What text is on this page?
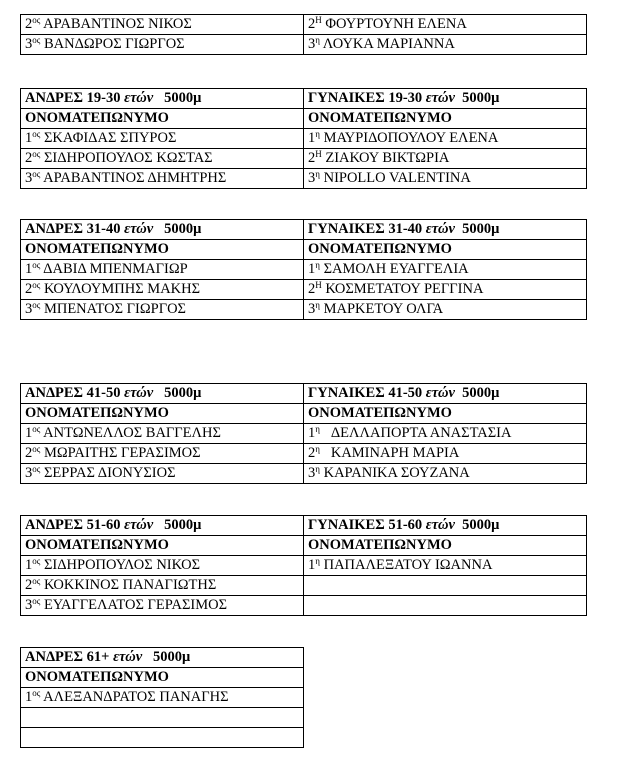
$2^{o\varsigma}$ ΑΡΑΒΑΝΤΙΝΟΣ ΝΙΚΟΣ	$2^H$ ΦΟΥΡΤΟΥΝΗ ΕΛΕΝΑ
$3^{o\varsigma}$ ΒΑΝΔΩΡΟΣ ΓΙΩΡΓΟΣ	$3^\eta$ ΛΟΥΚΑ ΜΑΡΙΑΝΝΑ
ΑΝΔΡΕΣ 19-30 ετών 5000μ	ΓΥΝΑΙΚΕΣ 19-30 ετών 5000μ
ΟΝΟΜΑΤΕΠΩΝΥΜΟ	ΟΝΟΜΑΤΕΠΩΝΥΜΟ
$1^{o\varsigma}$ ΣΚΑΦΙΔΑΣ ΣΠΥΡΟΣ	$1^\eta$ ΜΑΥΡΙΔΟΠΟΥΛΟΥ ΕΛΕΝΑ
$2^{o\varsigma}$ ΣΙΔΗΡΟΠΟΥΛΟΣ ΚΩΣΤΑΣ	$2^H$ ΖΙΑΚΟΥ ΒΙΚΤΩΡΙΑ
$3^{o\varsigma}$ ΑΡΑΒΑΝΤΙΝΟΣ ΔΗΜΗΤΡΗΣ	$3^\eta$ NIPOLLO VALENTINA
ΑΝΔΡΕΣ 31-40 ετών 5000μ	ΓΥΝΑΙΚΕΣ 31-40 ετών 5000μ
ΟΝΟΜΑΤΕΠΩΝΥΜΟ	ΟΝΟΜΑΤΕΠΩΝΥΜΟ
$1^{o\varsigma}$ ΔΑΒΙΔ ΜΠΕΝΜΑΓΙΩΡ	$1^\eta$ ΣΑΜΟΛΗ ΕΥΑΓΓΕΛΙΑ
$2^{o\varsigma}$ ΚΟΥΛΟΥΜΠΗΣ ΜΑΚΗΣ	$2^H$ ΚΟΣΜΕΤΑΤΟΥ ΡΕΓΓΙΝΑ
$3^{o\varsigma}$ ΜΠΕΝΑΤΟΣ ΓΙΩΡΓΟΣ	$3^\eta$ ΜΑΡΚΕΤΟΥ ΟΛΓΑ
ΑΝΔΡΕΣ 41-50 ετών 5000μ	ΓΥΝΑΙΚΕΣ 41-50 ετών 5000μ
ΟΝΟΜΑΤΕΠΩΝΥΜΟ	ΟΝΟΜΑΤΕΠΩΝΥΜΟ
$1^{o\varsigma}$ ΑΝΤΩΝΕΛΛΟΣ ΒΑΓΓΕΛΗΣ	$1^\eta$ ΔΕΛΛΑΠΟΡΤΑ ΑΝΑΣΤΑΣΙΑ
$2^{o\varsigma}$ ΜΩΡΑΙΤΗΣ ΓΕΡΑΣΙΜΟΣ	$2^\eta$ ΚΑΜΙΝΑΡΗ ΜΑΡΙΑ
$3^{o\varsigma}$ ΣΕΡΡΑΣ ΔΙΟΝΥΣΙΟΣ	$3^\eta$ ΚΑΡΑΝΙΚΑ ΣΟΥΖΑΝΑ
ΑΝΔΡΕΣ 51-60 ετών 5000μ	ΓΥΝΑΙΚΕΣ 51-60 ετών 5000μ
ΟΝΟΜΑΤΕΠΩΝΥΜΟ	ΟΝΟΜΑΤΕΠΩΝΥΜΟ
$1^{o\varsigma}$ ΣΙΔΗΡΟΠΟΥΛΟΣ ΝΙΚΟΣ	$1^\eta$ ΠΑΠΑΛΕΞΑΤΟΥ ΙΩΑΝΝΑ
$2^{o\varsigma}$ ΚΟΚΚΙΝΟΣ ΠΑΝΑΓΙΩΤΗΣ	
$3^{o\varsigma}$ ΕΥΑΓΓΕΛΑΤΟΣ ΓΕΡΑΣΙΜΟΣ	
ΑΝΔΡΕΣ 61+ ετών 5000μ
ΟΝΟΜΑΤΕΠΩΝΥΜΟ
$1^{o\varsigma}$ ΑΛΕΞΑΝΔΡΑΤΟΣ ΠΑΝΑΓΗΣ
